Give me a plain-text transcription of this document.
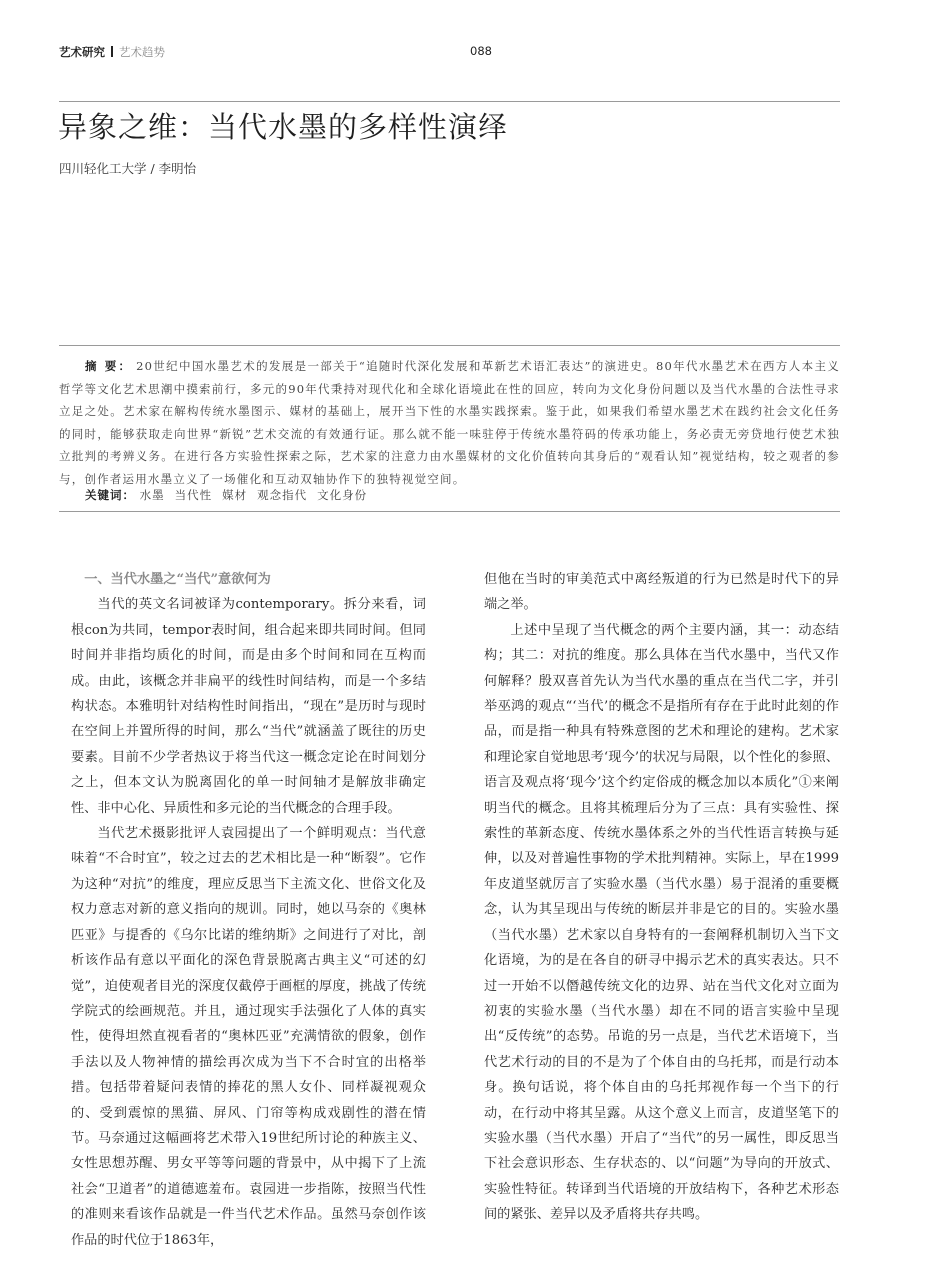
艺术研究 艺术趋势	088
异象之维：当代水墨的多样性演绎
四川轻化工大学 / 李明怡
摘 要： 20世纪中国水墨艺术的发展是一部关于“追随时代深化发展和革新艺术语汇表达”的演进史。80年代水墨艺术在西方人本主义哲学等文化艺术思潮中摸索前行，多元的90年代秉持对现代化和全球化语境此在性的回应，转向为文化身份问题以及当代水墨的合法性寻求立足之处。艺术家在解构传统水墨图示、媒材的基础上，展开当下性的水墨实践探索。鉴于此，如果我们希望水墨艺术在践约社会文化任务的同时，能够获取走向世界“新锐”艺术交流的有效通行证。那么就不能一味驻停于传统水墨符码的传承功能上，务必责无旁贷地行使艺术独立批判的考辨义务。在进行各方实验性探索之际，艺术家的注意力由水墨媒材的文化价值转向其身后的“观看认知”视觉结构，较之观者的参与，创作者运用水墨立义了一场催化和互动双轴协作下的独特视觉空间。
关键词： 水墨 当代性 媒材 观念指代 文化身份
一、当代水墨之“当代”意欲何为

当代的英文名词被译为contemporary。拆分来看，词根con为共同，tempor表时间，组合起来即共同时间。但同时间并非指均质化的时间，而是由多个时间和同在互构而成。由此，该概念并非扁平的线性时间结构，而是一个多结构状态。本雅明针对结构性时间指出，“现在”是历时与现时在空间上并置所得的时间，那么“当代”就涵盖了既往的历史要素。目前不少学者热议于将当代这一概念定论在时间划分之上，但本文认为脱离固化的单一时间轴才是解放非确定性、非中心化、异质性和多元论的当代概念的合理手段。

当代艺术摄影批评人袁园提出了一个鲜明观点：当代意味着“不合时宜”，较之过去的艺术相比是一种“断裂”。它作为这种“对抗”的维度，理应反思当下主流文化、世俗文化及权力意志对新的意义指向的规训。同时，她以马奈的《奥林匹亚》与提香的《乌尔比诺的维纳斯》之间进行了对比，剖析该作品有意以平面化的深色背景脱离古典主义“可述的幻觉”，迫使观者目光的深度仅截停于画框的厚度，挑战了传统学院式的绘画规范。并且，通过现实手法强化了人体的真实性，使得坦然直视看者的“奥林匹亚”充满情欲的假象，创作手法以及人物神情的描绘再次成为当下不合时宜的出格举措。包括带着疑问表情的捧花的黑人女仆、同样凝视观众的、受到震惊的黑猫、屏风、门帘等构成戏剧性的潜在情节。马奈通过这幅画将艺术带入19世纪所讨论的种族主义、女性思想苏醒、男女平等等问题的背景中，从中揭下了上流社会“卫道者”的道德遮羞布。袁园进一步指陈，按照当代性的准则来看该作品就是一件当代艺术作品。虽然马奈创作该作品的时代位于1863年，

但他在当时的审美范式中离经叛道的行为已然是时代下的异端之举。

上述中呈现了当代概念的两个主要内涵，其一：动态结构；其二：对抗的维度。那么具体在当代水墨中，当代又作何解释？殷双喜首先认为当代水墨的重点在当代二字，并引举巫鸿的观点“‘当代’的概念不是指所有存在于此时此刻的作品，而是指一种具有特殊意图的艺术和理论的建构。艺术家和理论家自觉地思考‘现今’的状况与局限，以个性化的参照、语言及观点将‘现今’这个约定俗成的概念加以本质化”①来阐明当代的概念。且将其梳理后分为了三点：具有实验性、探索性的革新态度、传统水墨体系之外的当代性语言转换与延伸，以及对普遍性事物的学术批判精神。实际上，早在1999年皮道坚就厉言了实验水墨（当代水墨）易于混淆的重要概念，认为其呈现出与传统的断层并非是它的目的。实验水墨（当代水墨）艺术家以自身特有的一套阐释机制切入当下文化语境，为的是在各自的研寻中揭示艺术的真实表达。只不过一开始不以僭越传统文化的边界、站在当代文化对立面为初衷的实验水墨（当代水墨）却在不同的语言实验中呈现出“反传统”的态势。吊诡的另一点是，当代艺术语境下，当代艺术行动的目的不是为了个体自由的乌托邦，而是行动本身。换句话说，将个体自由的乌托邦视作每一个当下的行动，在行动中将其呈露。从这个意义上而言，皮道坚笔下的实验水墨（当代水墨）开启了“当代”的另一属性，即反思当下社会意识形态、生存状态的、以“问题”为导向的开放式、实验性特征。转译到当代语境的开放结构下，各种艺术形态间的紧张、差异以及矛盾将共存共鸣。
